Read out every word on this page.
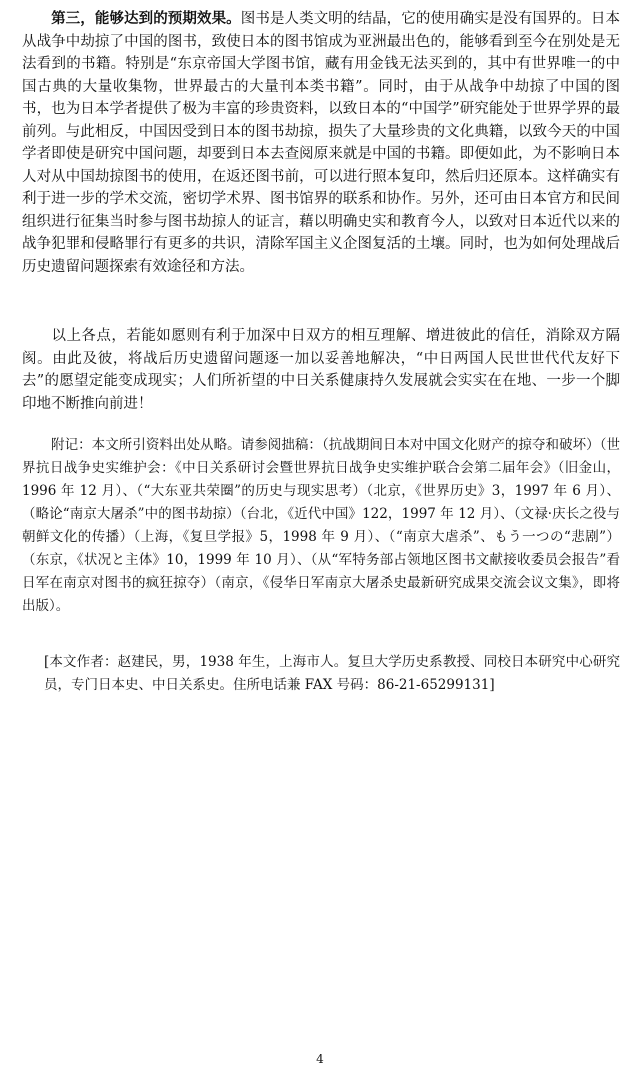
第三，能够达到的预期效果。图书是人类文明的结晶，它的使用确实是没有国界的。日本从战争中劫掠了中国的图书，致使日本的图书馆成为亚洲最出色的，能够看到至今在别处是无法看到的书籍。特别是“东京帝国大学图书馆，藏有用金钱无法买到的，其中有世界唯一的中国古典的大量收集物，世界最古的大量刊本类书籍”。同时，由于从战争中劫掠了中国的图书，也为日本学者提供了极为丰富的珍贵资料，以致日本的“中国学”研究能处于世界学界的最前列。与此相反，中国因受到日本的图书劫掠，损失了大量珍贵的文化典籍，以致今天的中国学者即使是研究中国问题，却要到日本去查阅原来就是中国的书籍。即便如此，为不影响日本人对从中国劫掠图书的使用，在返还图书前，可以进行照本复印，然后归还原本。这样确实有利于进一步的学术交流，密切学术界、图书馆界的联系和协作。另外，还可由日本官方和民间组织进行征集当时参与图书劫掠人的证言，藉以明确史实和教育今人，以致对日本近代以来的战争犯罪和侵略罪行有更多的共识，清除军国主义企图复活的土壤。同时，也为如何处理战后历史遗留问题探索有效途径和方法。

以上各点，若能如愿则有利于加深中日双方的相互理解、增进彼此的信任，消除双方隔阂。由此及彼，将战后历史遗留问题逐一加以妥善地解决，“中日两国人民世世代代友好下去”的愿望定能变成现实；人们所祈望的中日关系健康持久发展就会实实在在地、一步一个脚印地不断推向前进！

附记：本文所引资料出处从略。请参阅拙稿：（抗战期间日本对中国文化财产的掠夺和破坏）（世界抗日战争史实维护会：《中日关系研讨会暨世界抗日战争史实维护联合会第二届年会》（旧金山，1996 年 12 月）、（“大东亚共荣圈”的历史与现实思考）（北京，《世界历史》3，1997 年 6 月）、（略论“南京大屠杀”中的图书劫掠）（台北，《近代中国》122，1997 年 12 月）、（文禄·庆长之役与朝鲜文化的传播）（上海，《复旦学报》5，1998 年 9 月）、（“南京大虐杀”、もう一つの“悲剧”）（东京，《状况と主体》10，1999 年 10 月）、（从“军特务部占领地区图书文献接收委员会报告”看日军在南京对图书的疯狂掠夺）（南京，《侵华日军南京大屠杀史最新研究成果交流会议文集》，即将出版）。

[本文作者：赵建民，男，1938 年生，上海市人。复旦大学历史系教授、同校日本研究中心研究员，专门日本史、中日关系史。住所电话兼 FAX 号码：86-21-65299131]

4
